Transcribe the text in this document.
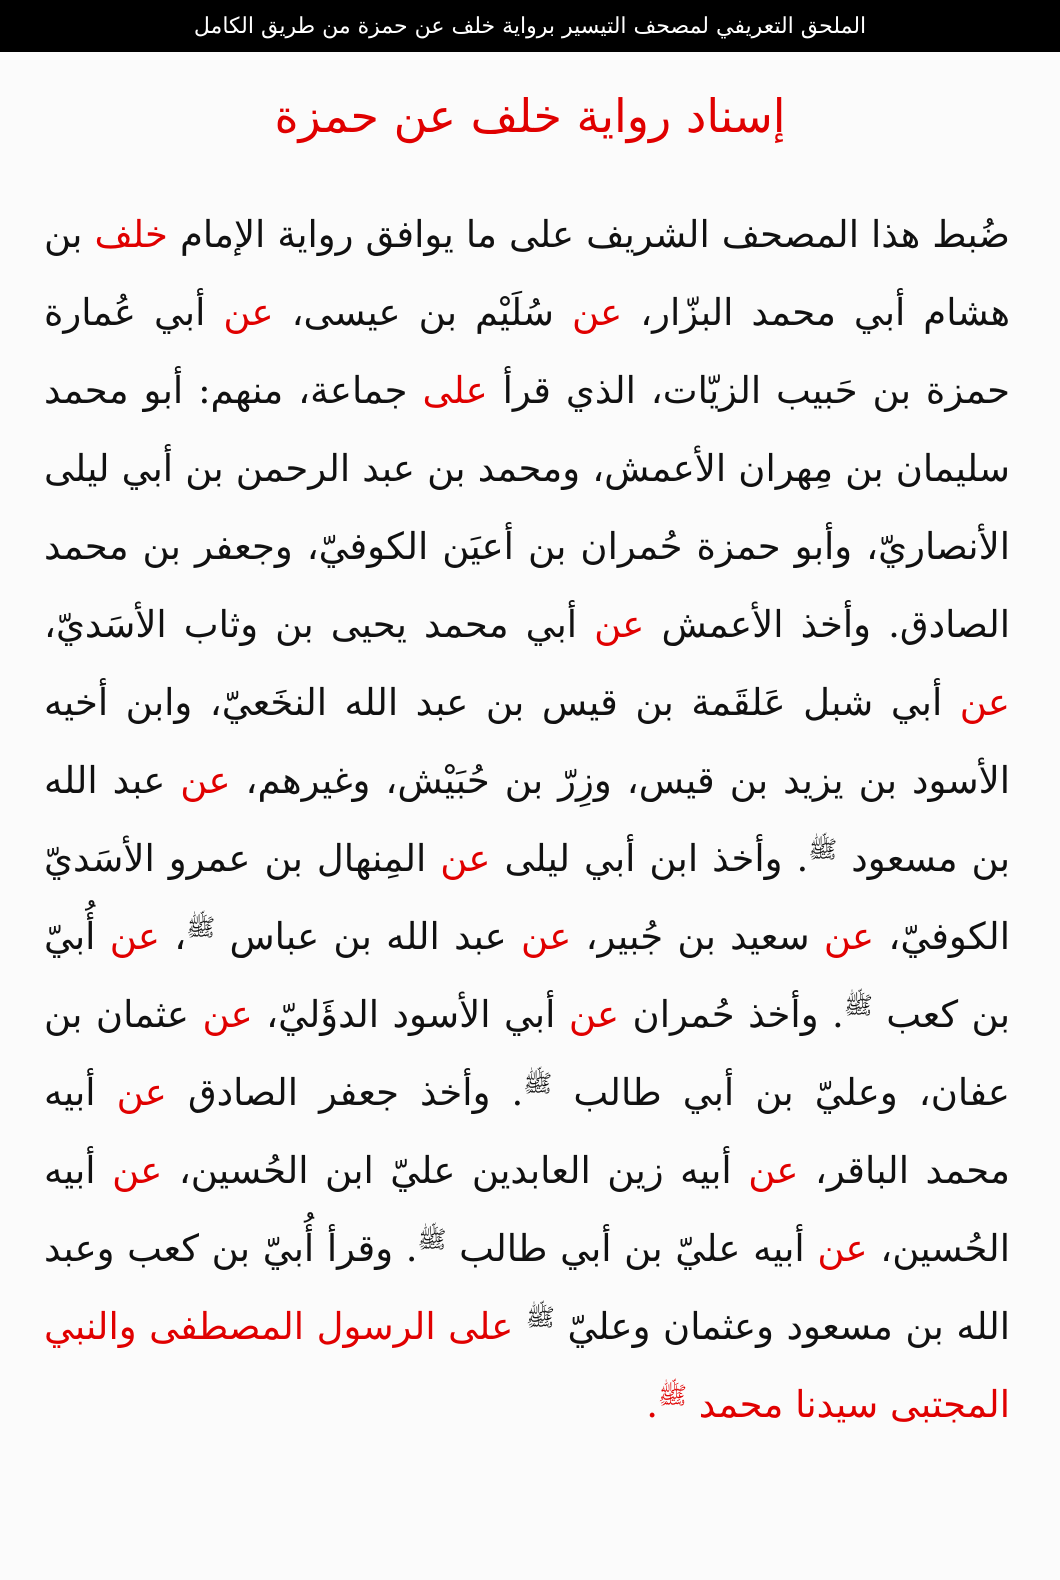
الملحق التعريفي لمصحف التيسير برواية خلف عن حمزة من طريق الكامل
إسناد رواية خلف عن حمزة
ضُبط هذا المصحف الشريف على ما يوافق رواية الإمام خلف بن هشام أبي محمد البزّار، عن سُلَيْم بن عيسى، عن أبي عُمارة حمزة بن حَبيب الزيّات، الذي قرأ على جماعة، منهم: أبو محمد سليمان بن مِهران الأعمش، ومحمد بن عبد الرحمن بن أبي ليلى الأنصاريّ، وأبو حمزة حُمران بن أعيَن الكوفيّ، وجعفر بن محمد الصادق. وأخذ الأعمش عن أبي محمد يحيى بن وثاب الأسَديّ، عن أبي شبل عَلقَمة بن قيس بن عبد الله النخَعيّ، وابن أخيه الأسود بن يزيد بن قيس، وزِرّ بن حُبَيْش، وغيرهم، عن عبد الله بن مسعود $^ﷺ$. وأخذ ابن أبي ليلى عن المِنهال بن عمرو الأسَديّ الكوفيّ، عن سعيد بن جُبير، عن عبد الله بن عباس $^ﷺ$، عن أُبيّ بن كعب $^ﷺ$. وأخذ حُمران عن أبي الأسود الدؤَليّ، عن عثمان بن عفان، وعليّ بن أبي طالب $^ﷺ$. وأخذ جعفر الصادق عن أبيه محمد الباقر، عن أبيه زين العابدين عليّ ابن الحُسين، عن أبيه الحُسين، عن أبيه عليّ بن أبي طالب $^ﷺ$. وقرأ أُبيّ بن كعب وعبد الله بن مسعود وعثمان وعليّ $^ﷺ$ على الرسول المصطفى والنبي المجتبى سيدنا محمد $^ﷺ$.
